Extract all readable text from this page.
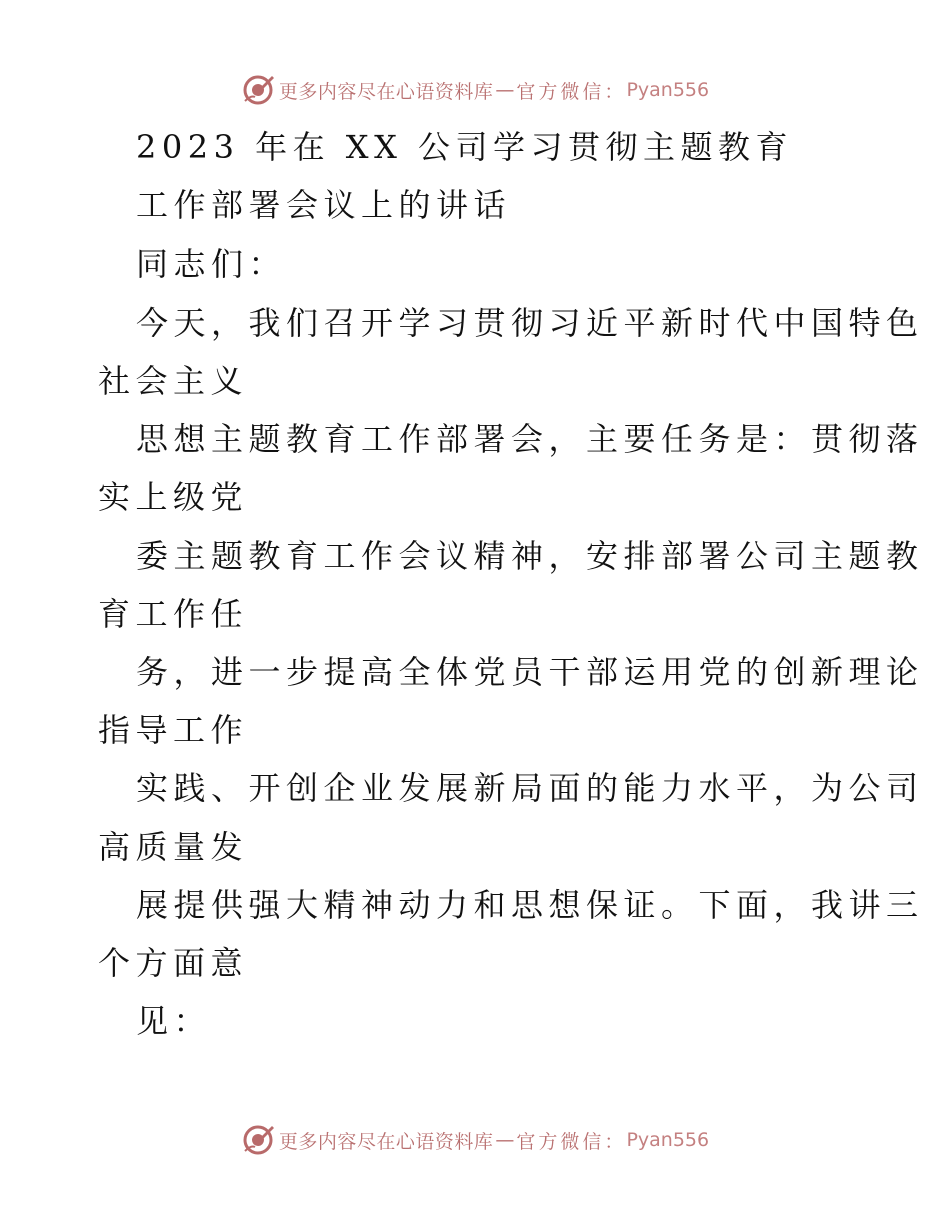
更多内容尽在心语资料库 — 官方微信： Pyan556
2023 年在 XX 公司学习贯彻主题教育
工作部署会议上的讲话
同志们：
今天，我们召开学习贯彻习近平新时代中国特色
社会主义
思想主题教育工作部署会，主要任务是：贯彻落
实上级党
委主题教育工作会议精神，安排部署公司主题教
育工作任
务，进一步提高全体党员干部运用党的创新理论
指导工作
实践、开创企业发展新局面的能力水平，为公司
高质量发
展提供强大精神动力和思想保证。下面，我讲三
个方面意
见：
更多内容尽在心语资料库 — 官方微信： Pyan556
